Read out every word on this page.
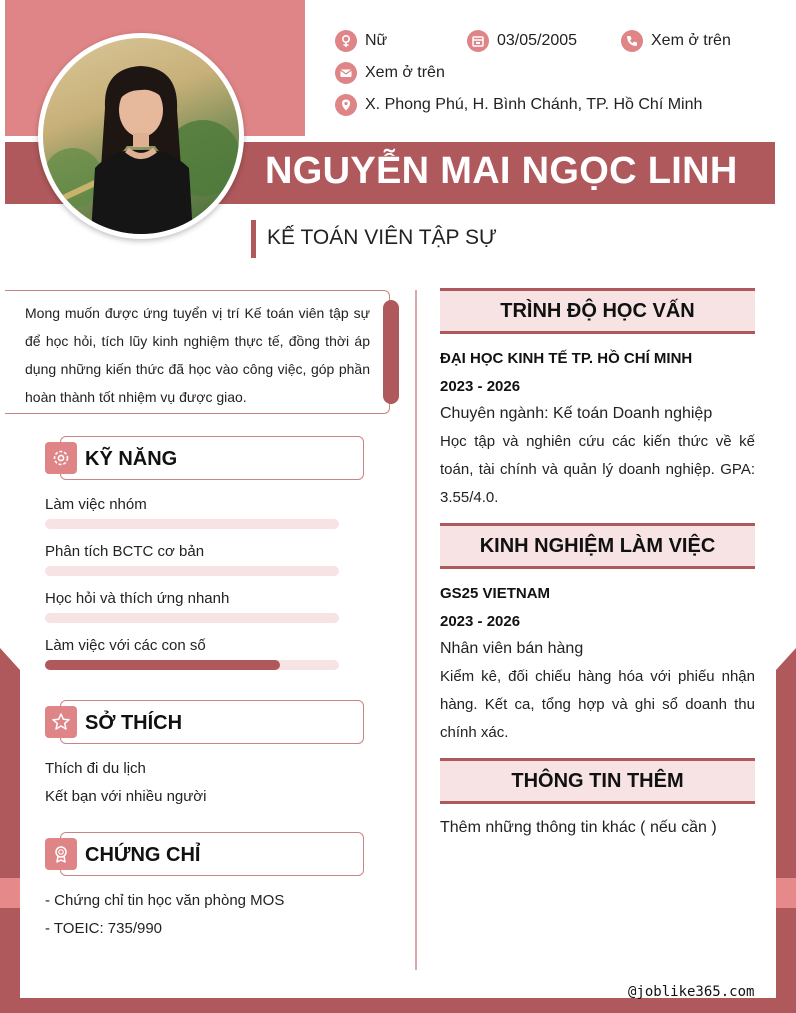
NGUYỄN MAI NGỌC LINH
KẾ TOÁN VIÊN TẬP SỰ
Nữ	03/05/2005	Xem ở trên
Xem ở trên
X. Phong Phú, H. Bình Chánh, TP. Hồ Chí Minh
Mong muốn được ứng tuyển vị trí Kế toán viên tập sự để học hỏi, tích lũy kinh nghiệm thực tế, đồng thời áp dụng những kiến thức đã học vào công việc, góp phần hoàn thành tốt nhiệm vụ được giao.
KỸ NĂNG
Làm việc nhóm
Phân tích BCTC cơ bản
Học hỏi và thích ứng nhanh
Làm việc với các con số
SỞ THÍCH
Thích đi du lịch
Kết bạn với nhiều người
CHỨNG CHỈ
- Chứng chỉ tin học văn phòng MOS
- TOEIC: 735/990
TRÌNH ĐỘ HỌC VẤN
ĐẠI HỌC KINH TẾ TP. HỒ CHÍ MINH
2023 - 2026
Chuyên ngành: Kế toán Doanh nghiệp
Học tập và nghiên cứu các kiến thức về kế toán, tài chính và quản lý doanh nghiệp. GPA: 3.55/4.0.
KINH NGHIỆM LÀM VIỆC
GS25 VIETNAM
2023 - 2026
Nhân viên bán hàng
Kiểm kê, đối chiếu hàng hóa với phiếu nhận hàng. Kết ca, tổng hợp và ghi sổ doanh thu chính xác.
THÔNG TIN THÊM
Thêm những thông tin khác ( nếu cần )
@joblike365.com
